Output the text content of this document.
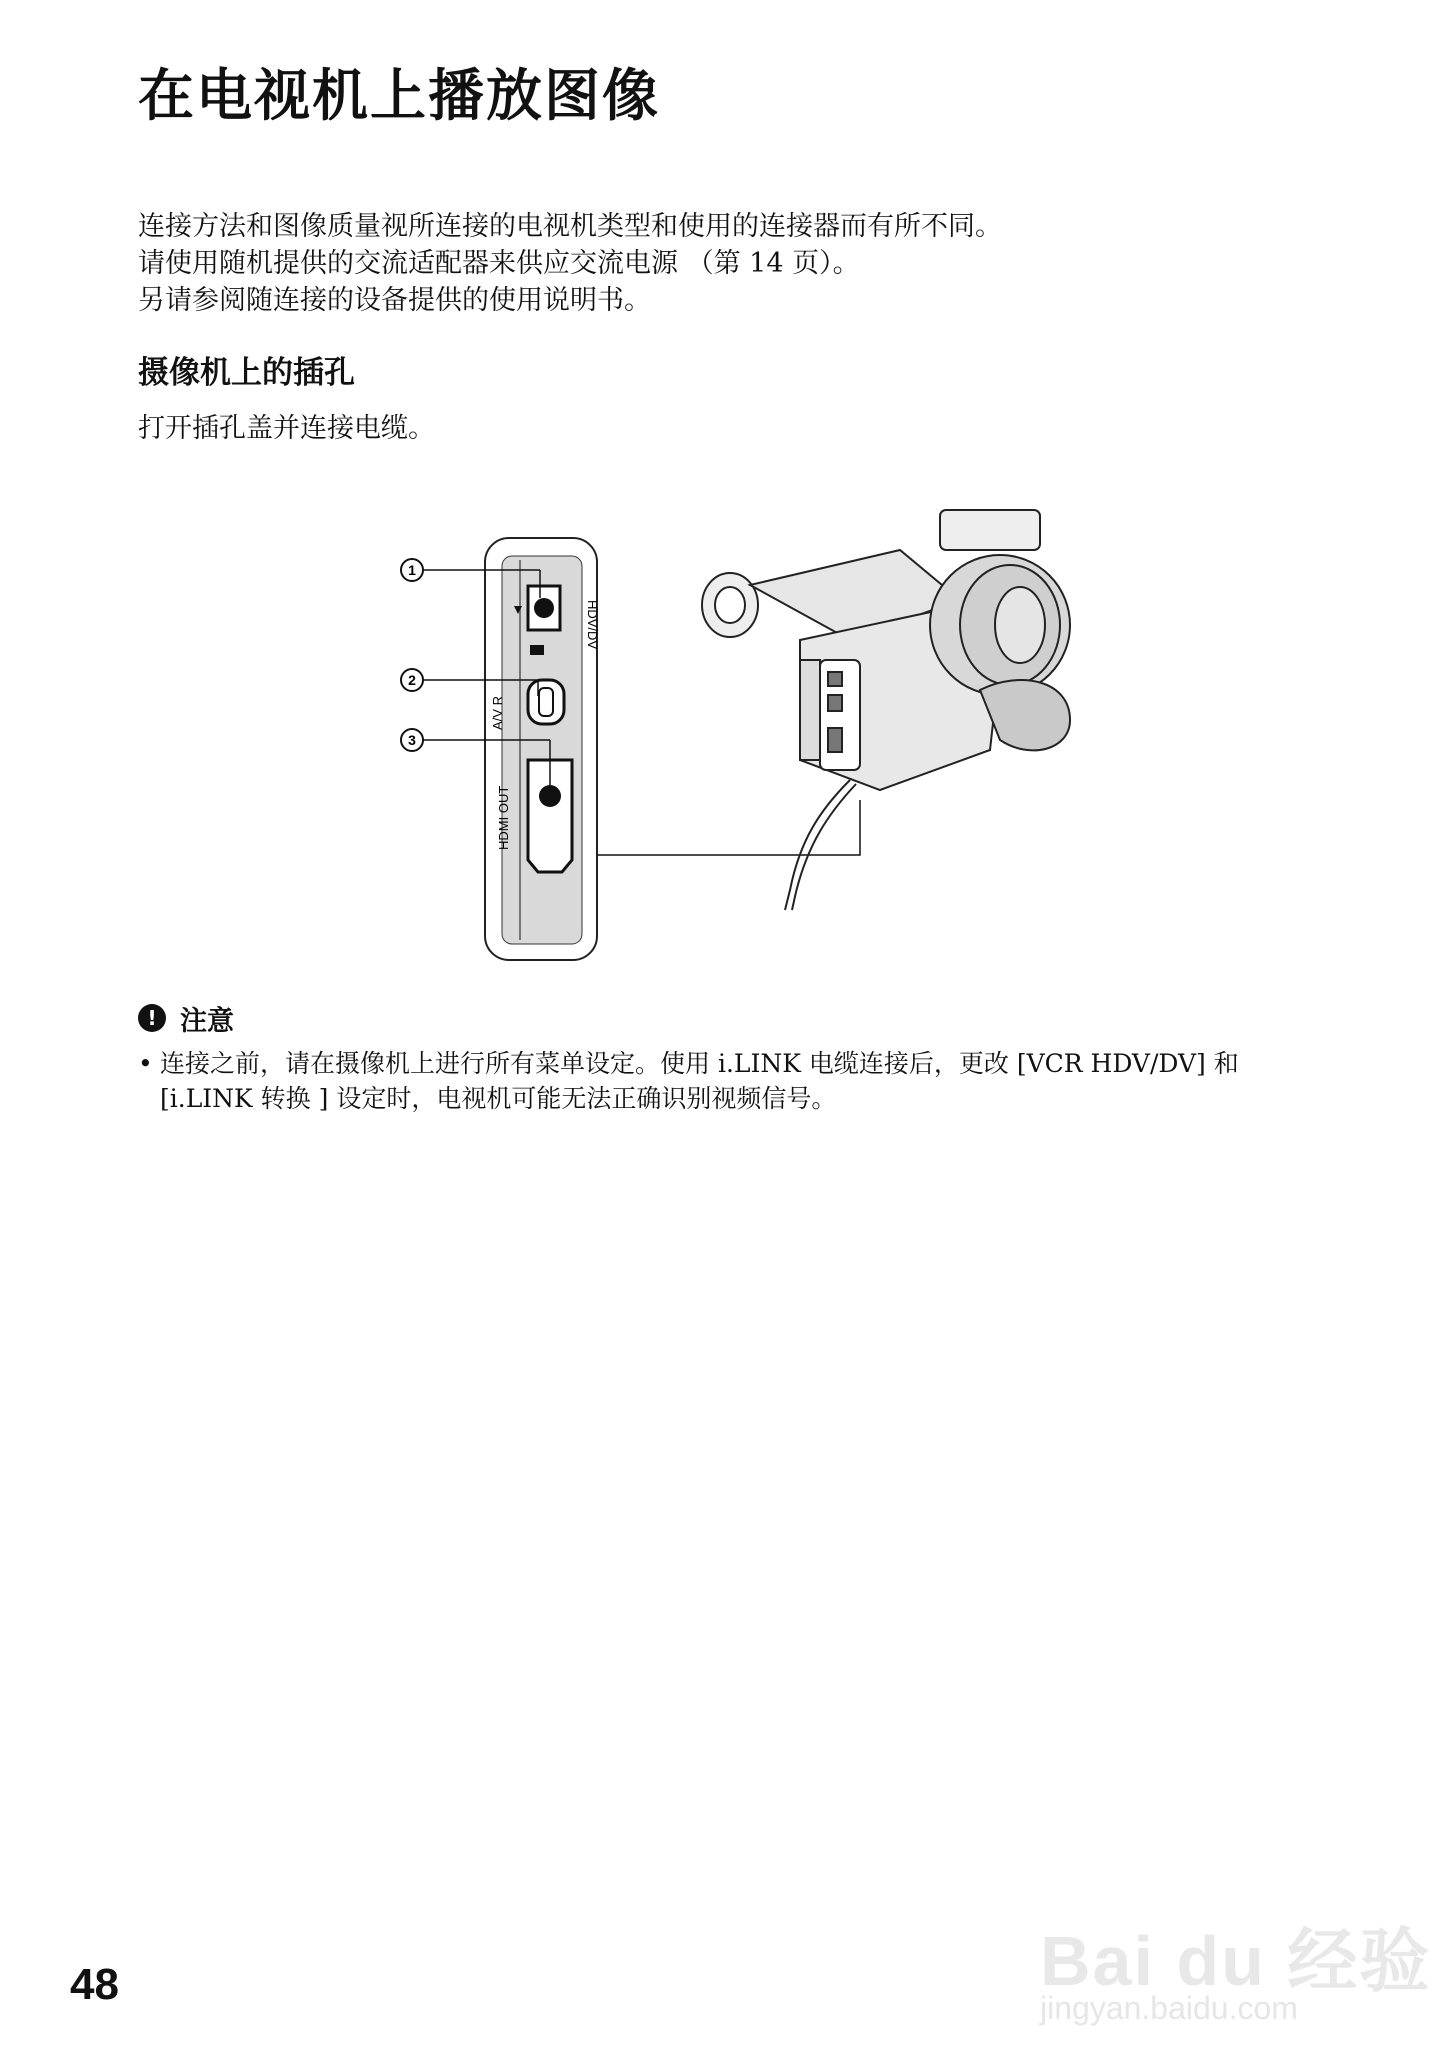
在电视机上播放图像
连接方法和图像质量视所连接的电视机类型和使用的连接器而有所不同。
请使用随机提供的交流适配器来供应交流电源 （第 14 页）。
另请参阅随连接的设备提供的使用说明书。
摄像机上的插孔
打开插孔盖并连接电缆。
HDV/DV
A/V R
HDMI OUT
1
2
3
! 注意
• 连接之前，请在摄像机上进行所有菜单设定。使用 i.LINK 电缆连接后，更改 [VCR HDV/DV] 和
[i.LINK 转换 ] 设定时，电视机可能无法正确识别视频信号。
48	Bai du 经验
jingyan.baidu.com
